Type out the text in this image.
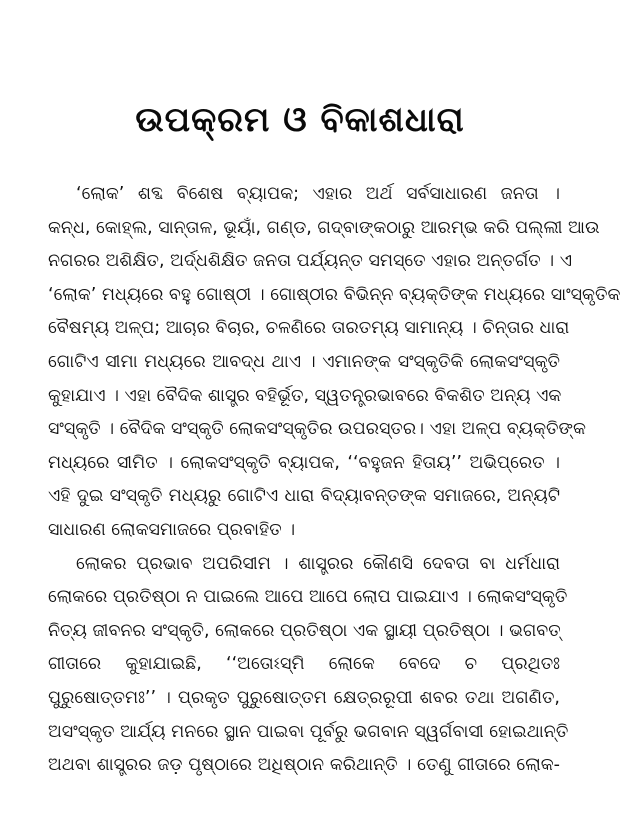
ଉପକ୍ରମ ଓ ବିକାଶଧାରା
‘ଲୋକ’ ଶବ୍ଦ ବିଶେଷ ବ୍ୟାପକ; ଏହାର ଅର୍ଥ ସର୍ବସାଧାରଣ ଜନତା ।
କନ୍ଧ, କୋହ୍ଲ, ସାନ୍ତାଳ, ଭୂୟାଁ, ଗଣ୍ଡ, ଗଦ୍‌ବାଙ୍କଠାରୁ ଆରମ୍ଭ କରି ପଲ୍ଲୀ ଆଉ
ନଗରର ଅଶିକ୍ଷିତ, ଅର୍ଦ୍ଧଶିକ୍ଷିତ ଜନତା ପର୍ଯ୍ୟନ୍ତ ସମସ୍ତେ ଏହାର ଅନ୍ତର୍ଗତ । ଏ
‘ଲୋକ’ ମଧ୍ୟରେ ବହୁ ଗୋଷ୍ଠୀ । ଗୋଷ୍ଠୀର ବିଭିନ୍ନ ବ୍ୟକ୍ତିଙ୍କ ମଧ୍ୟରେ ସାଂସ୍କୃତିକ
ବୈଷମ୍ୟ ଅଳ୍ପ; ଆଚାର ବିଚାର, ଚଳଣିରେ ତାରତମ୍ୟ ସାମାନ୍ୟ । ଚିନ୍ତାର ଧାରା
ଗୋଟିଏ ସୀମା ମଧ୍ୟରେ ଆବଦ୍ଧ ଥାଏ । ଏମାନଙ୍କ ସଂସ୍କୃତିକି ଲୋକସଂସ୍କୃତି
କୁହାଯାଏ । ଏହା ବୈଦିକ ଶାସ୍ତ୍ର ବହିର୍ଭୂତ, ସ୍ୱତନ୍ତ୍ରଭାବରେ ବିକଶିତ ଅନ୍ୟ ଏକ
ସଂସ୍କୃତି । ବୈଦିକ ସଂସ୍କୃତି ଲୋକସଂସ୍କୃତିର ଉପରସ୍ତର। ଏହା ଅଳ୍ପ ବ୍ୟକ୍ତିଙ୍କ
ମଧ୍ୟରେ ସୀମିତ । ଲୋକସଂସ୍କୃତି ବ୍ୟାପକ, ‘‘ବହୁଜନ ହିତାୟ’’ ଅଭିପ୍ରେତ ।
ଏହି ଦୁଇ ସଂସ୍କୃତି ମଧ୍ୟରୁ ଗୋଟିଏ ଧାରା ବିଦ୍ୟାବନ୍ତଙ୍କ ସମାଜରେ, ଅନ୍ୟଟି
ସାଧାରଣ ଲୋକସମାଜରେ ପ୍ରବାହିତ ।
ଲୋକର ପ୍ରଭାବ ଅପରିସୀମ । ଶାସ୍ତ୍ରର କୌଣସି ଦେବତା ବା ଧର୍ମଧାରା
ଲୋକରେ ପ୍ରତିଷ୍ଠା ନ ପାଇଲେ ଆପେ ଆପେ ଲୋପ ପାଇଯାଏ । ଲୋକସଂସ୍କୃତି
ନିତ୍ୟ ଜୀବନର ସଂସ୍କୃତି, ଲୋକରେ ପ୍ରତିଷ୍ଠା ଏକ ସ୍ଥାୟୀ ପ୍ରତିଷ୍ଠା । ଭଗବତ୍
ଗୀତାରେ କୁହାଯାଇଛି, ‘‘ଅତୋଽସ୍ମି ଲୋକେ ବେଦେ ଚ ପ୍ରଥିତଃ
ପୁରୁଷୋତ୍ତମଃ’’ । ପ୍ରକୃତ ପୁରୁଷୋତ୍ତମ କ୍ଷେତ୍ରରୂପୀ ଶବର ତଥା ଅଗଣିତ,
ଅସଂସ୍କୃତ ଆର୍ଯ୍ୟ ମନରେ ସ୍ଥାନ ପାଇବା ପୂର୍ବରୁ ଭଗବାନ ସ୍ୱର୍ଗବାସୀ ହୋଇଥାନ୍ତି
ଅଥବା ଶାସ୍ତ୍ରର ଜଡ଼ ପୃଷ୍ଠାରେ ଅଧିଷ୍ଠାନ କରିଥାନ୍ତି । ତେଣୁ ଗୀତାରେ ଲୋକ-
